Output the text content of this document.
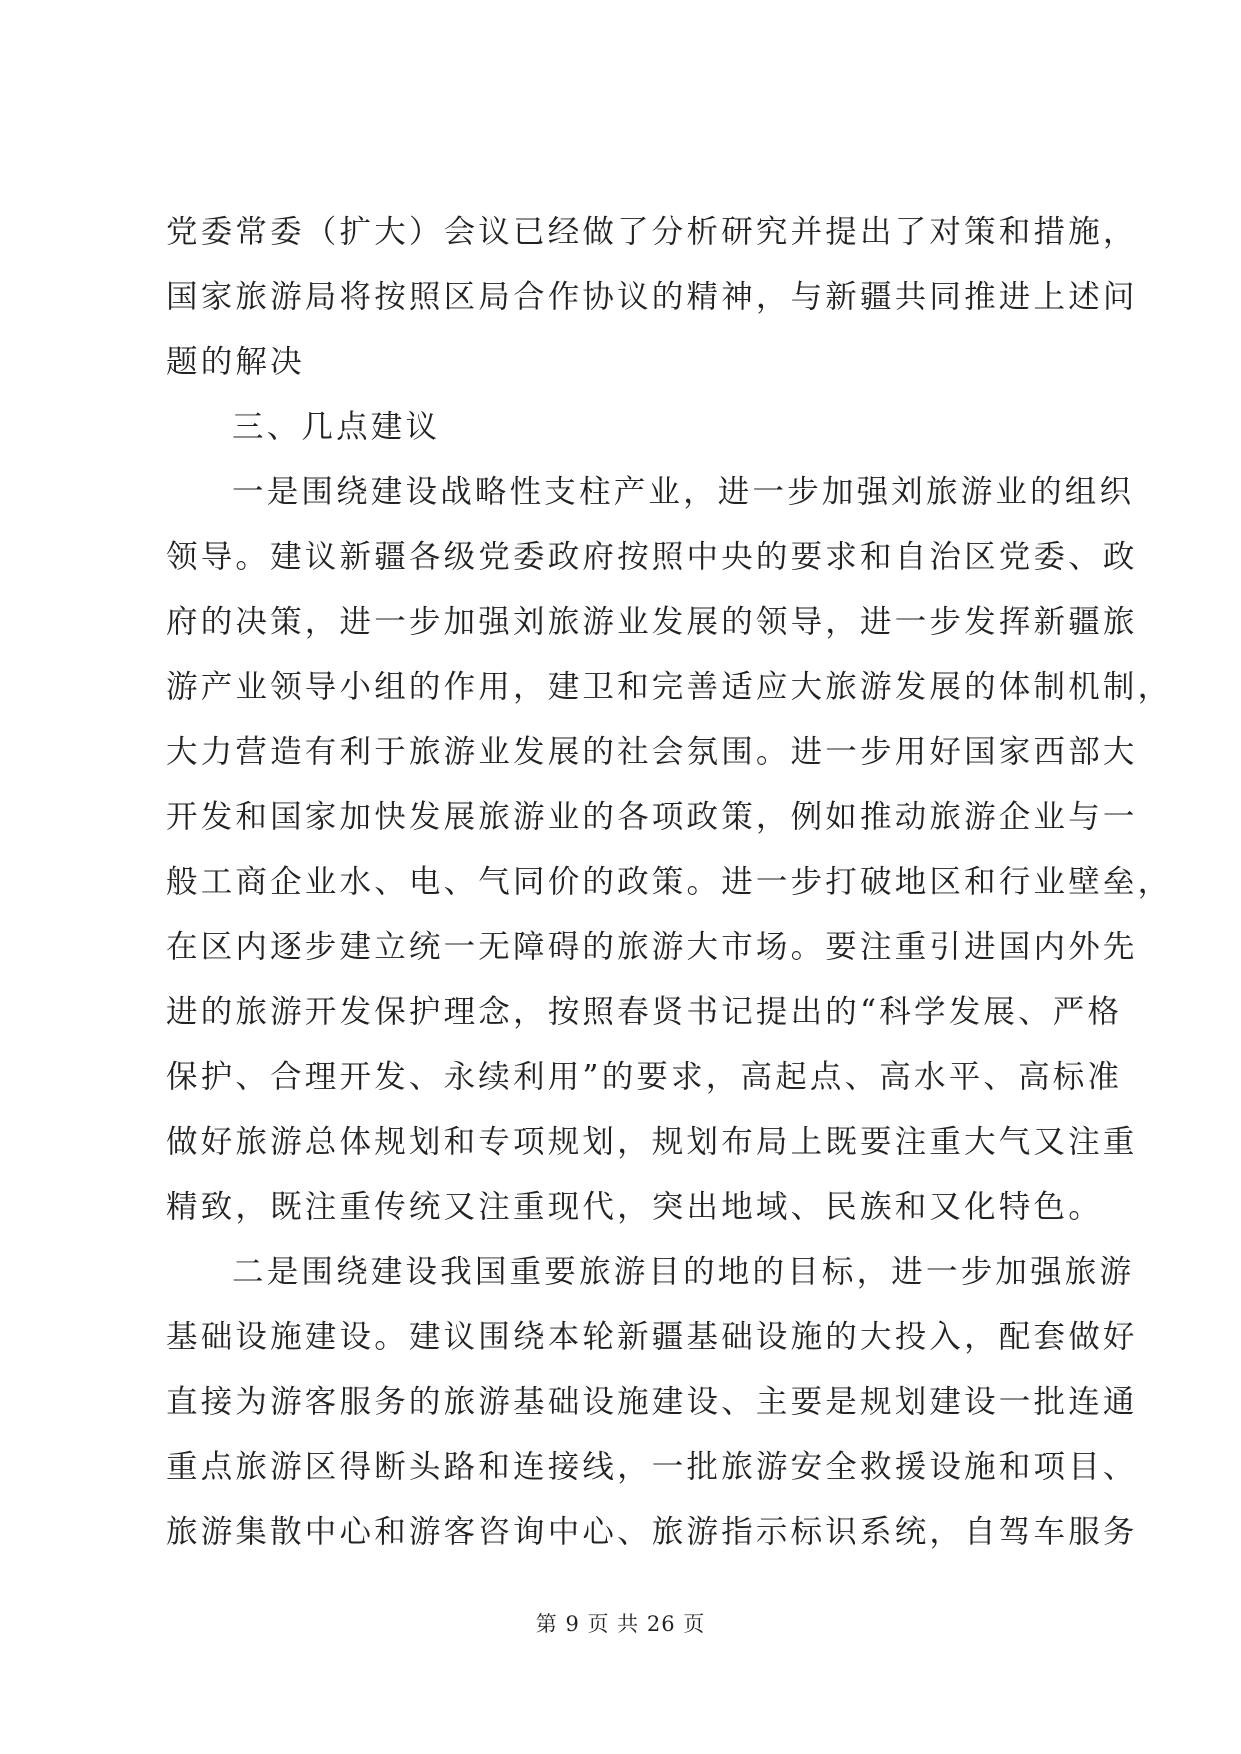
党委常委（扩大）会议已经做了分析研究并提出了对策和措施，
国家旅游局将按照区局合作协议的精神，与新疆共同推进上述问
题的解决
三、几点建议
一是围绕建设战略性支柱产业，进一步加强刘旅游业的组织
领导。建议新疆各级党委政府按照中央的要求和自治区党委、政
府的决策，进一步加强刘旅游业发展的领导，进一步发挥新疆旅
游产业领导小组的作用，建卫和完善适应大旅游发展的体制机制，
大力营造有利于旅游业发展的社会氛围。进一步用好国家西部大
开发和国家加快发展旅游业的各项政策，例如推动旅游企业与一
般工商企业水、电、气同价的政策。进一步打破地区和行业壁垒，
在区内逐步建立统一无障碍的旅游大市场。要注重引进国内外先
进的旅游开发保护理念，按照春贤书记提出的“科学发展、严格
保护、合理开发、永续利用”的要求，高起点、高水平、高标准
做好旅游总体规划和专项规划，规划布局上既要注重大气又注重
精致，既注重传统又注重现代，突出地域、民族和又化特色。
二是围绕建设我国重要旅游目的地的目标，进一步加强旅游
基础设施建设。建议围绕本轮新疆基础设施的大投入，配套做好
直接为游客服务的旅游基础设施建设、主要是规划建设一批连通
重点旅游区得断头路和连接线，一批旅游安全救援设施和项目、
旅游集散中心和游客咨询中心、旅游指示标识系统，自驾车服务
第 9 页 共 26 页
